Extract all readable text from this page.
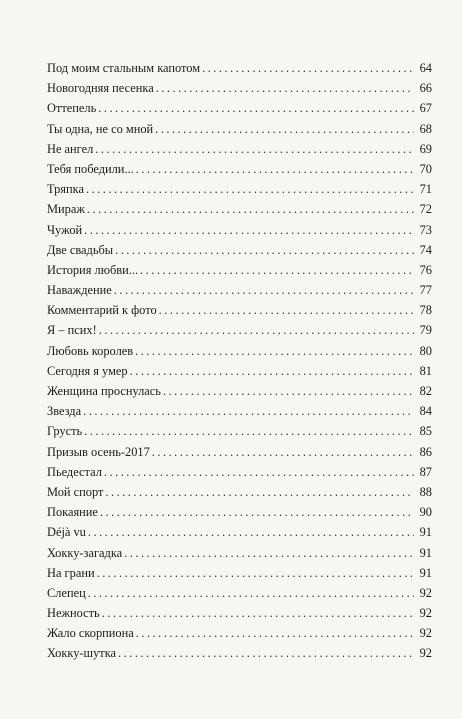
Под моим стальным капотом . . .	64
Новогодняя песенка . . .	66
Оттепель . . .	67
Ты одна, не со мной . . .	68
Не ангел . . .	69
Тебя победили... . . .	70
Тряпка . . .	71
Мираж . . .	72
Чужой . . .	73
Две свадьбы . . .	74
История любви... . . .	76
Наваждение . . .	77
Комментарий к фото . . .	78
Я – псих! . . .	79
Любовь королев . . .	80
Сегодня я умер . . .	81
Женщина проснулась . . .	82
Звезда . . .	84
Грусть . . .	85
Призыв осень-2017 . . .	86
Пьедестал . . .	87
Мой спорт . . .	88
Покаяние . . .	90
Déjà vu . . .	91
Хокку-загадка . . .	91
На грани . . .	91
Слепец . . .	92
Нежность . . .	92
Жало скорпиона . . .	92
Хокку-шутка . . .	92
